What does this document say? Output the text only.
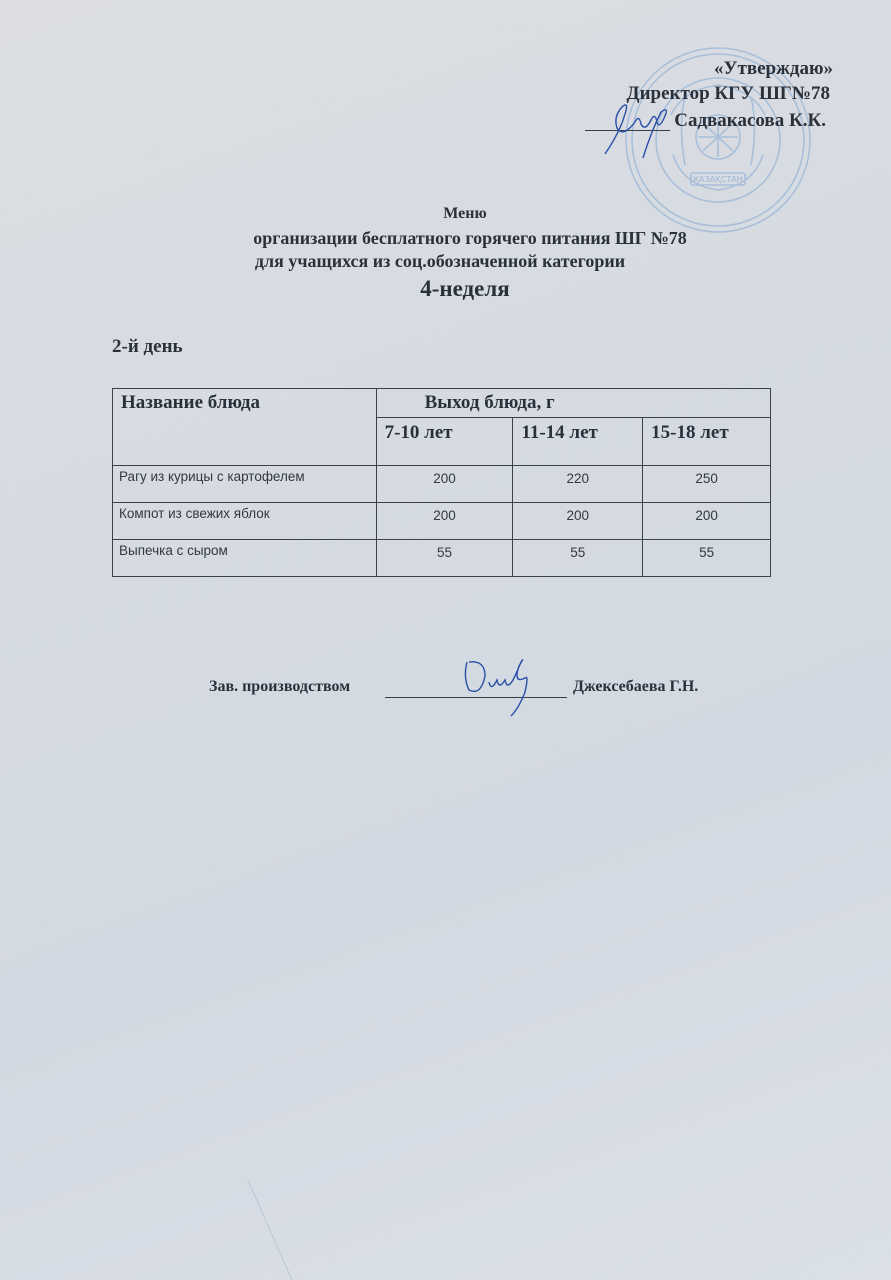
ҚАЗАҚСТАН
«Утверждаю»
Директор КГУ ШГ№78
Садвакасова К.К.
Меню
организации бесплатного горячего питания ШГ №78
для учащихся из соц.обозначенной категории
4-неделя
2-й день
Название блюда	Выход блюда, г		
	7-10 лет	11-14 лет	15-18 лет
Рагу из курицы с картофелем	200	220	250
Компот из свежих яблок	200	200	200
Выпечка с сыром	55	55	55
Зав. производством	Джексебаева Г.Н.
